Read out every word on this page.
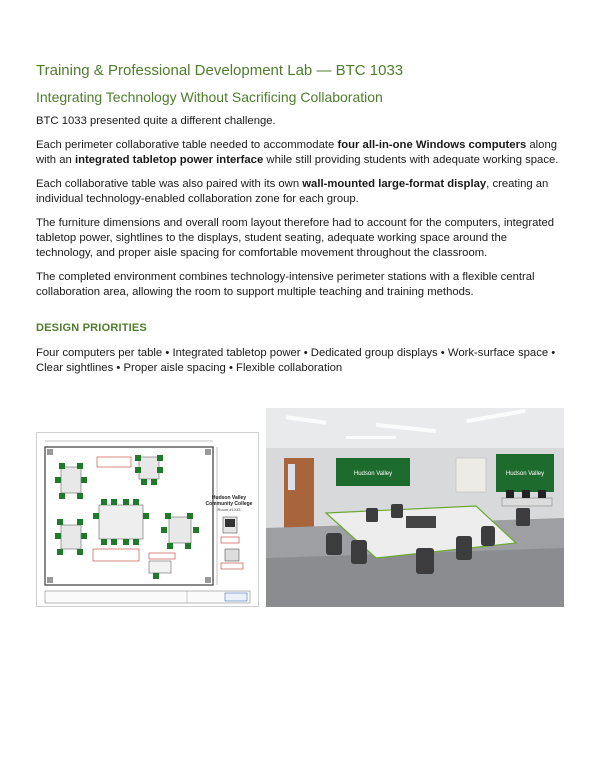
Training & Professional Development Lab — BTC 1033
Integrating Technology Without Sacrificing Collaboration

BTC 1033 presented quite a different challenge.

Each perimeter collaborative table needed to accommodate four all-in-one Windows computers along with an integrated tabletop power interface while still providing students with adequate working space.

Each collaborative table was also paired with its own wall-mounted large-format display, creating an individual technology-enabled collaboration zone for each group.

The furniture dimensions and overall room layout therefore had to account for the computers, integrated tabletop power, sightlines to the displays, student seating, adequate working space around the technology, and proper aisle spacing for comfortable movement throughout the classroom.

The completed environment combines technology-intensive perimeter stations with a flexible central collaboration area, allowing the room to support multiple teaching and training methods.

DESIGN PRIORITIES

Four computers per table • Integrated tabletop power • Dedicated group displays • Work-surface space • Clear sightlines • Proper aisle spacing • Flexible collaboration

Hudson Valley
Community College
Room #1033
Hudson Valley	Hudson Valley
